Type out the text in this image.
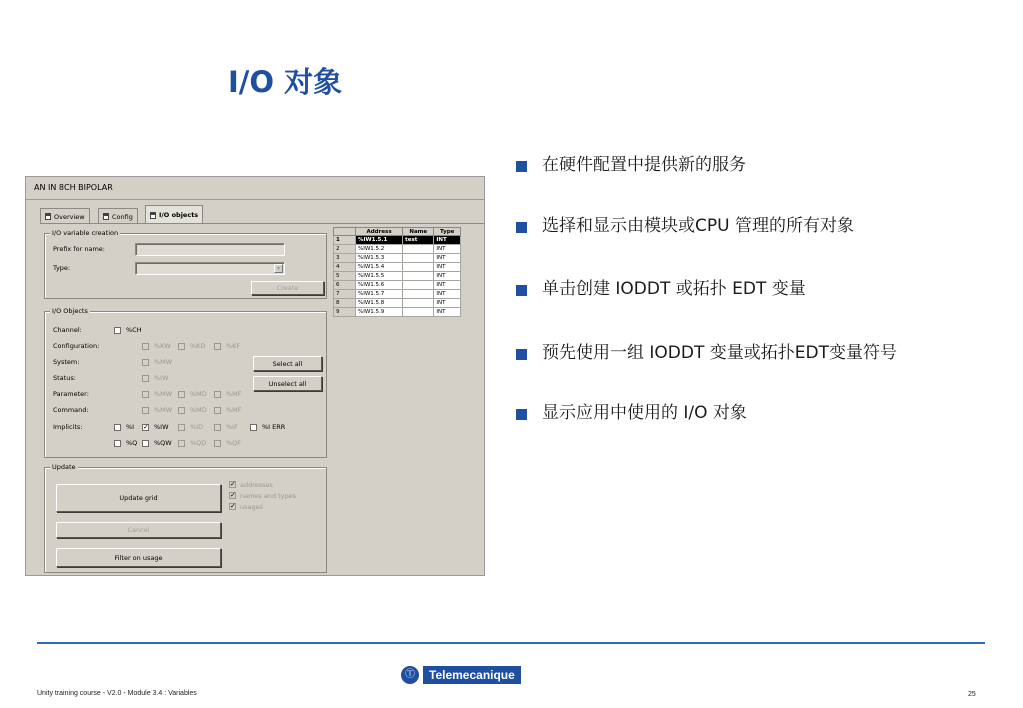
I/O 对象
AN IN 8CH BIPOLAR
Overview	Config	I/O objects
I/O variable creation
Prefix for name:
Type:	▾
Create
I/O Objects
Channel:	%CH
Configuration:	%KW	%KD	%KF
System:	%MW
Status:	%IW
Parameter:	%MW	%MD	%MF
Command:	%MW	%MD	%MF
Implicits:	%I ✓ %IW	%ID	%IF	%I ERR
%Q	%QW	%QD	%QF
Select all
Unselect all
	Address	Name	Type
1	%IW1.5.1	test	INT
2	%IW1.5.2		INT
3	%IW1.5.3		INT
4	%IW1.5.4		INT
5	%IW1.5.5		INT
6	%IW1.5.6		INT
7	%IW1.5.7		INT
8	%IW1.5.8		INT
9	%IW1.5.9		INT
Update
Update grid
✓ addresses
✓ names and types
✓ usages
Cancel
Filter on usage
在硬件配置中提供新的服务
选择和显示由模块或CPU 管理的所有对象
单击创建 IODDT 或拓扑 EDT 变量
预先使用一组 IODDT 变量或拓扑EDT变量符号
显示应用中使用的 I/O 对象
Ⓣ	Telemecanique
Unity training course - V2.0 - Module 3.4 : Variables	25
